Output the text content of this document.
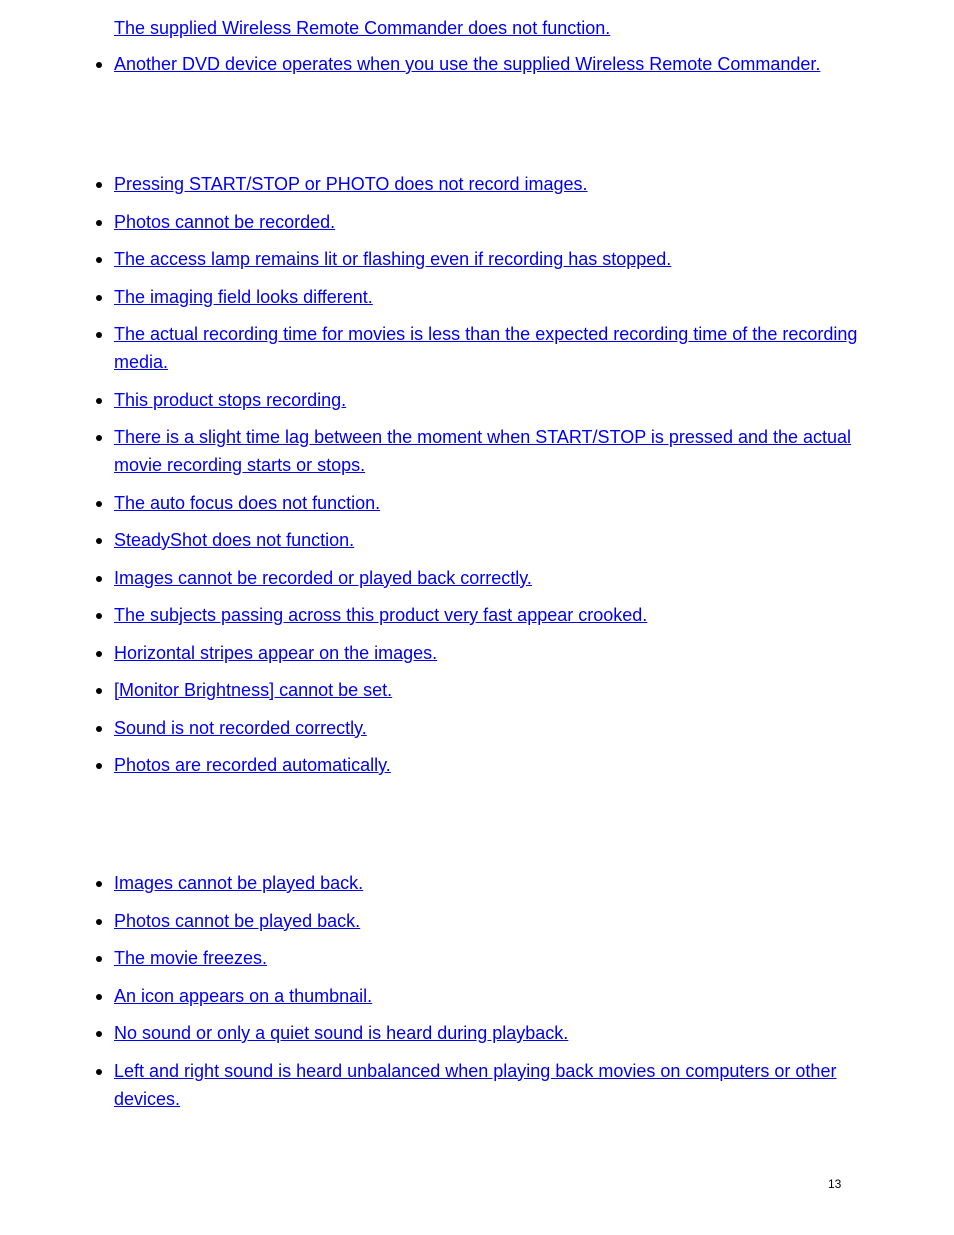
The supplied Wireless Remote Commander does not function.

Another DVD device operates when you use the supplied Wireless Remote Commander.
Pressing START/STOP or PHOTO does not record images.
Photos cannot be recorded.
The access lamp remains lit or flashing even if recording has stopped.
The imaging field looks different.
The actual recording time for movies is less than the expected recording time of the recording media.
This product stops recording.
There is a slight time lag between the moment when START/STOP is pressed and the actual movie recording starts or stops.
The auto focus does not function.
SteadyShot does not function.
Images cannot be recorded or played back correctly.
The subjects passing across this product very fast appear crooked.
Horizontal stripes appear on the images.
[Monitor Brightness] cannot be set.
Sound is not recorded correctly.
Photos are recorded automatically.
Images cannot be played back.
Photos cannot be played back.
The movie freezes.
An icon appears on a thumbnail.
No sound or only a quiet sound is heard during playback.
Left and right sound is heard unbalanced when playing back movies on computers or other devices.
13
